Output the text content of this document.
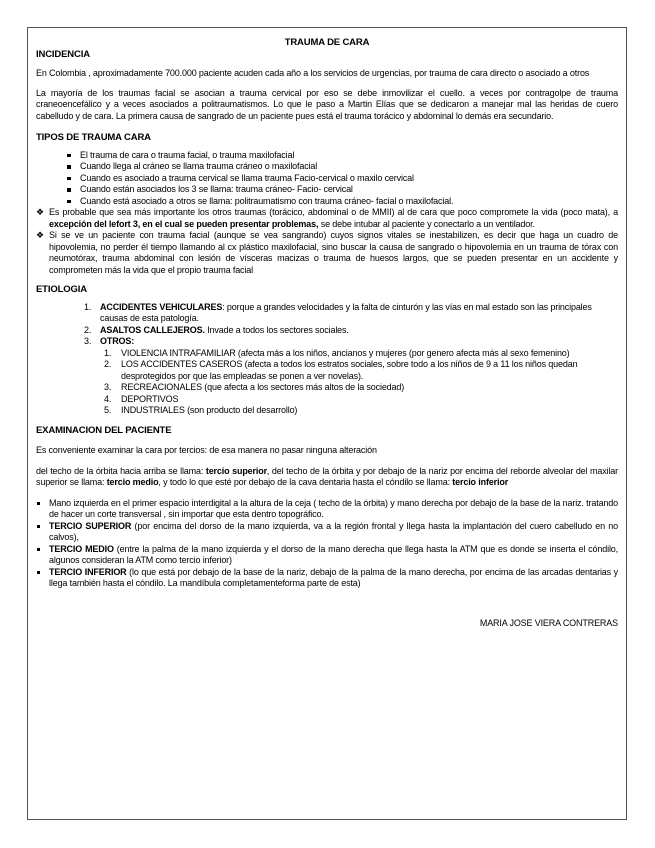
TRAUMA DE CARA

INCIDENCIA

En Colombia , aproximadamente 700.000 paciente acuden cada año a los servicios de urgencias, por trauma de cara directo o asociado a otros

La mayoría de los traumas facial se asocian a trauma cervical por eso se debe inmovilizar el cuello. a veces por contragolpe de trauma craneoencefálico y a veces asociados a politraumatismos. Lo que le paso a Martin Elías que se dedicaron a manejar mal las heridas de cuero cabelludo y de cara. La primera causa de sangrado de un paciente pues está el trauma torácico y abdominal lo demás era secundario.

TIPOS DE TRAUMA CARA

El trauma de cara o trauma facial, o trauma maxilofacial
Cuando llega al cráneo se llama trauma cráneo o maxilofacial
Cuando es asociado a trauma cervical se llama trauma Facio-cervical o maxilo cervical
Cuando están asociados los 3 se llama: trauma cráneo- Facio- cervical
Cuando está asociado a otros se llama: politraumatismo con trauma cráneo- facial o maxilofacial.
❖ Es probable que sea más importante los otros traumas (torácico, abdominal o de MMII) al de cara que poco compromete la vida (poco mata), a excepción del lefort 3, en el cual se pueden presentar problemas, se debe intubar al paciente y conectarlo a un ventilador.
❖ Si se ve un paciente con trauma facial (aunque se vea sangrando) cuyos signos vitales se inestabilizen, es decir que haga un cuadro de hipovolemia, no perder él tiempo llamando al cx plástico maxilofacial, sino buscar la causa de sangrado o hipovolemia en un trauma de tórax con neumotórax, trauma abdominal con lesión de vísceras macizas o trauma de huesos largos, que se pueden presentar en un accidente y comprometen más la vida que el propio trauma facial

ETIOLOGIA

1. ACCIDENTES VEHICULARES: porque a grandes velocidades y la falta de cinturón y las vías en mal estado son las principales causas de esta patología.
2. ASALTOS CALLEJEROS. Invade a todos los sectores sociales.
3. OTROS:
1. VIOLENCIA INTRAFAMILIAR (afecta más a los niños, ancianos y mujeres (por genero afecta más al sexo femenino)
2. LOS ACCIDENTES CASEROS (afecta a todos los estratos sociales, sobre todo a los niños de 9 a 11 los niños quedan desprotegidos por que las empleadas se ponen a ver novelas).
3. RECREACIONALES (que afecta a los sectores más altos de la sociedad)
4. DEPORTIVOS
5. INDUSTRIALES (son producto del desarrollo)

EXAMINACION DEL PACIENTE

Es conveniente examinar la cara por tercios: de esa manera no pasar ninguna alteración

del techo de la órbita hacia arriba se llama: tercio superior, del techo de la órbita y por debajo de la nariz por encima del reborde alveolar del maxilar superior se llama: tercio medio, y todo lo que esté por debajo de la cava dentaria hasta el cóndilo se llama: tercio inferior

Mano izquierda en el primer espacio interdigital a la altura de la ceja ( techo de la órbita) y mano derecha por debajo de la base de la nariz. tratando de hacer un corte transversal , sin importar que esta dentro topográfico.
TERCIO SUPERIOR (por encima del dorso de la mano izquierda, va a la región frontal y llega hasta la implantación del cuero cabelludo en no calvos),
TERCIO MEDIO (entre la palma de la mano izquierda y el dorso de la mano derecha que llega hasta la ATM que es donde se inserta el cóndilo, algunos consideran la ATM como tercio inferior)
TERCIO INFERIOR (lo que está por debajo de la base de la nariz, debajo de la palma de la mano derecha, por encima de las arcadas dentarias y llega también hasta el cóndilo. La mandíbula completamenteforma parte de esta)

MARIA JOSE VIERA CONTRERAS
